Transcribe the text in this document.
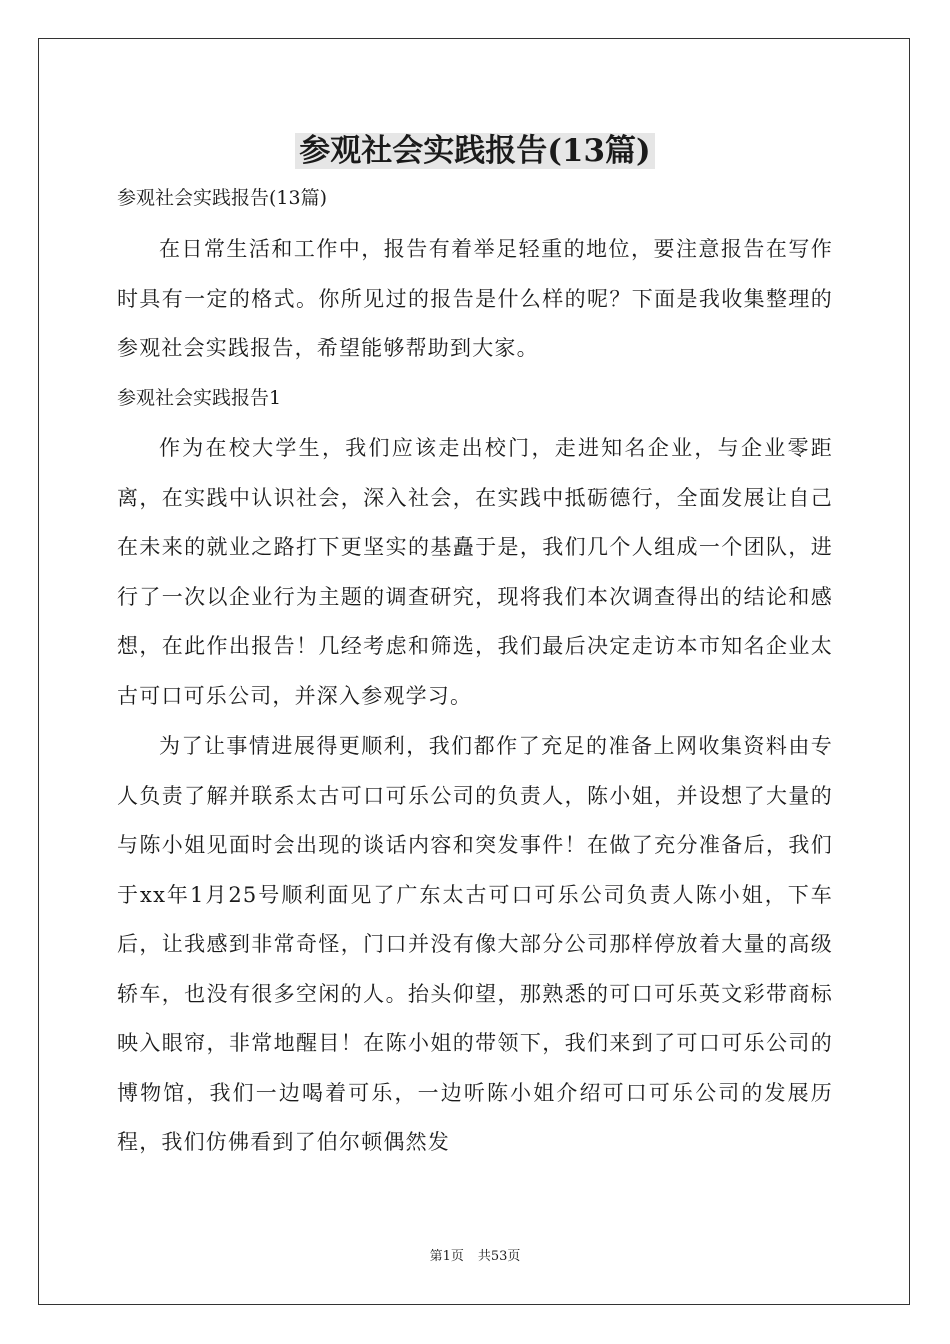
参观社会实践报告(13篇)

参观社会实践报告(13篇)

在日常生活和工作中，报告有着举足轻重的地位，要注意报告在写作时具有一定的格式。你所见过的报告是什么样的呢？下面是我收集整理的参观社会实践报告，希望能够帮助到大家。

参观社会实践报告1

作为在校大学生，我们应该走出校门，走进知名企业，与企业零距离，在实践中认识社会，深入社会，在实践中抵砺德行，全面发展让自己在未来的就业之路打下更坚实的基矗于是，我们几个人组成一个团队，进行了一次以企业行为主题的调查研究，现将我们本次调查得出的结论和感想，在此作出报告！几经考虑和筛选，我们最后决定走访本市知名企业太古可口可乐公司，并深入参观学习。

为了让事情进展得更顺利，我们都作了充足的准备上网收集资料由专人负责了解并联系太古可口可乐公司的负责人，陈小姐，并设想了大量的与陈小姐见面时会出现的谈话内容和突发事件！在做了充分准备后，我们于xx年1月25号顺利面见了广东太古可口可乐公司负责人陈小姐，下车后，让我感到非常奇怪，门口并没有像大部分公司那样停放着大量的高级轿车，也没有很多空闲的人。抬头仰望，那熟悉的可口可乐英文彩带商标映入眼帘，非常地醒目！在陈小姐的带领下，我们来到了可口可乐公司的博物馆，我们一边喝着可乐，一边听陈小姐介绍可口可乐公司的发展历程，我们仿佛看到了伯尔顿偶然发

第1页 共53页
